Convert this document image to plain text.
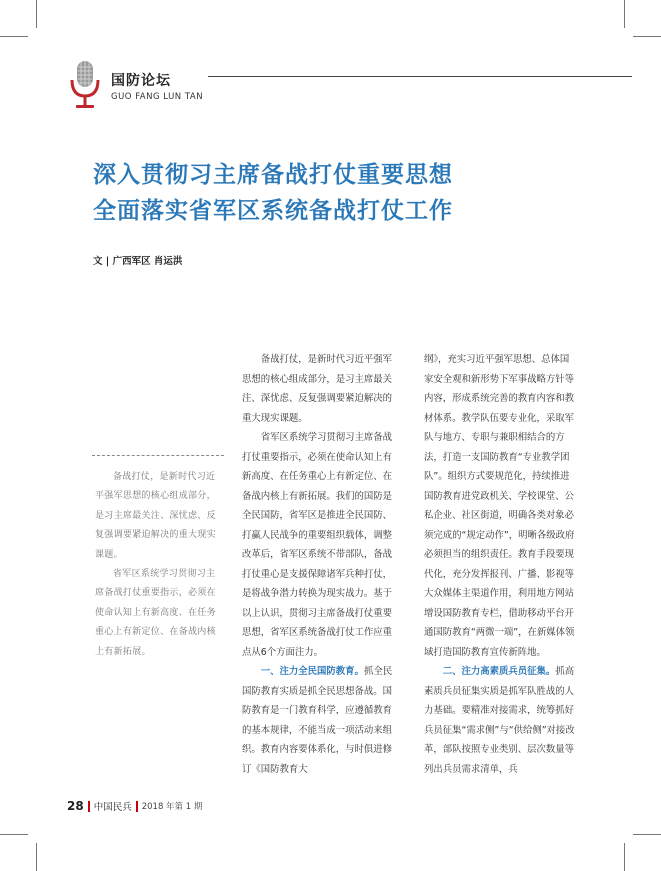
国防论坛
GUO FANG LUN TAN
深入贯彻习主席备战打仗重要思想
全面落实省军区系统备战打仗工作
文 | 广西军区 肖运洪

备战打仗，是新时代习近平强军思想的核心组成部分，是习主席最关注、深忧虑、反复强调要紧迫解决的重大现实课题。

省军区系统学习贯彻习主席备战打仗重要指示，必须在使命认知上有新高度、在任务重心上有新定位、在备战内核上有新拓展。

备战打仗，是新时代习近平强军思想的核心组成部分，是习主席最关注、深忧虑、反复强调要紧迫解决的重大现实课题。

省军区系统学习贯彻习主席备战打仗重要指示，必须在使命认知上有新高度、在任务重心上有新定位、在备战内核上有新拓展。我们的国防是全民国防，省军区是推进全民国防、打赢人民战争的重要组织载体，调整改革后，省军区系统不带部队，备战打仗重心是支援保障诸军兵种打仗，是将战争潜力转换为现实战力。基于以上认识，贯彻习主席备战打仗重要思想，省军区系统备战打仗工作应重点从6个方面注力。

一、注力全民国防教育。抓全民国防教育实质是抓全民思想备战。国防教育是一门教育科学，应遵循教育的基本规律，不能当成一项活动来组织。教育内容要体系化，与时俱进修订《国防教育大

纲》，充实习近平强军思想、总体国家安全观和新形势下军事战略方针等内容，形成系统完善的教育内容和教材体系。教学队伍要专业化，采取军队与地方、专职与兼职相结合的方法，打造一支国防教育“专业教学团队”。组织方式要规范化，持续推进国防教育进党政机关、学校课堂、公私企业、社区街道，明确各类对象必须完成的“规定动作”，明晰各级政府必须担当的组织责任。教育手段要现代化，充分发挥报刊、广播、影视等大众媒体主渠道作用，利用地方网站增设国防教育专栏，借助移动平台开通国防教育“两微一端”，在新媒体领域打造国防教育宣传新阵地。

二、注力高素质兵员征集。抓高素质兵员征集实质是抓军队胜战的人力基础。要精准对接需求，统筹抓好兵员征集“需求侧”与“供给侧”对接改革，部队按照专业类别、层次数量等列出兵员需求清单，兵

28 中国民兵 2018 年第 1 期
